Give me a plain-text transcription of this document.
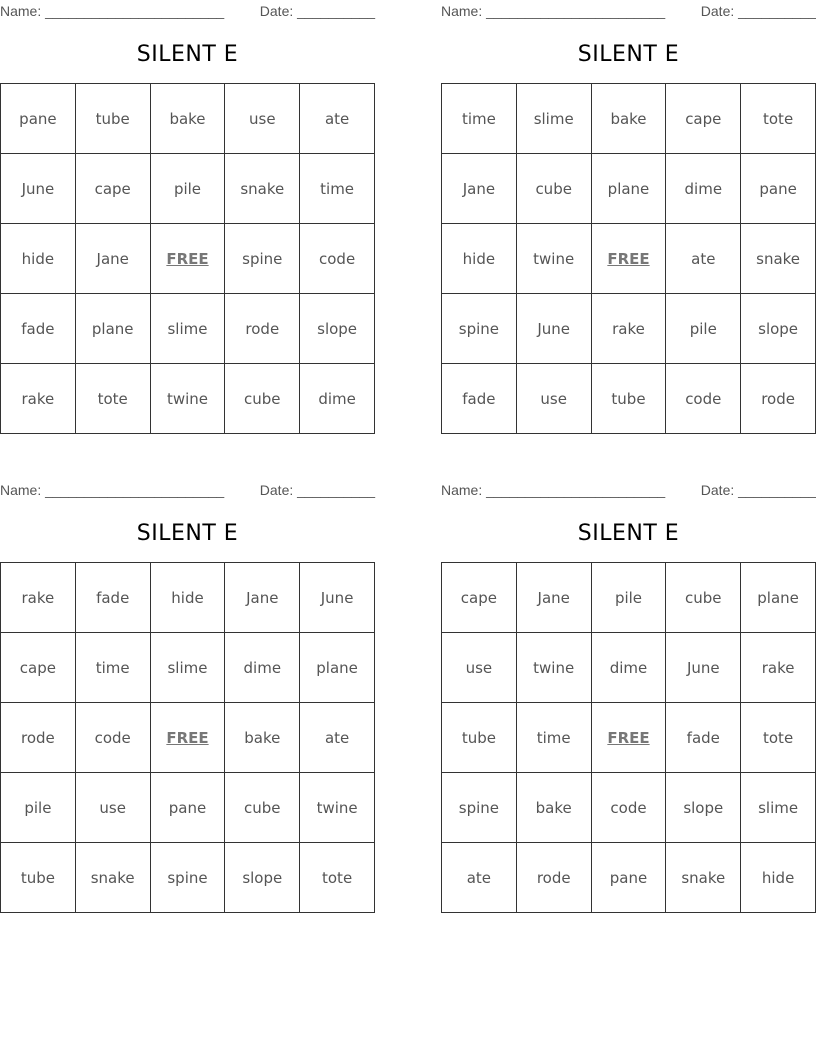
Name: _______________________	Date: __________
SILENT E
pane	tube	bake	use	ate
June	cape	pile	snake	time
hide	Jane	FREE	spine	code
fade	plane	slime	rode	slope
rake	tote	twine	cube	dime
Name: _______________________	Date: __________
SILENT E
time	slime	bake	cape	tote
Jane	cube	plane	dime	pane
hide	twine	FREE	ate	snake
spine	June	rake	pile	slope
fade	use	tube	code	rode
Name: _______________________	Date: __________
SILENT E
rake	fade	hide	Jane	June
cape	time	slime	dime	plane
rode	code	FREE	bake	ate
pile	use	pane	cube	twine
tube	snake	spine	slope	tote
Name: _______________________	Date: __________
SILENT E
cape	Jane	pile	cube	plane
use	twine	dime	June	rake
tube	time	FREE	fade	tote
spine	bake	code	slope	slime
ate	rode	pane	snake	hide
